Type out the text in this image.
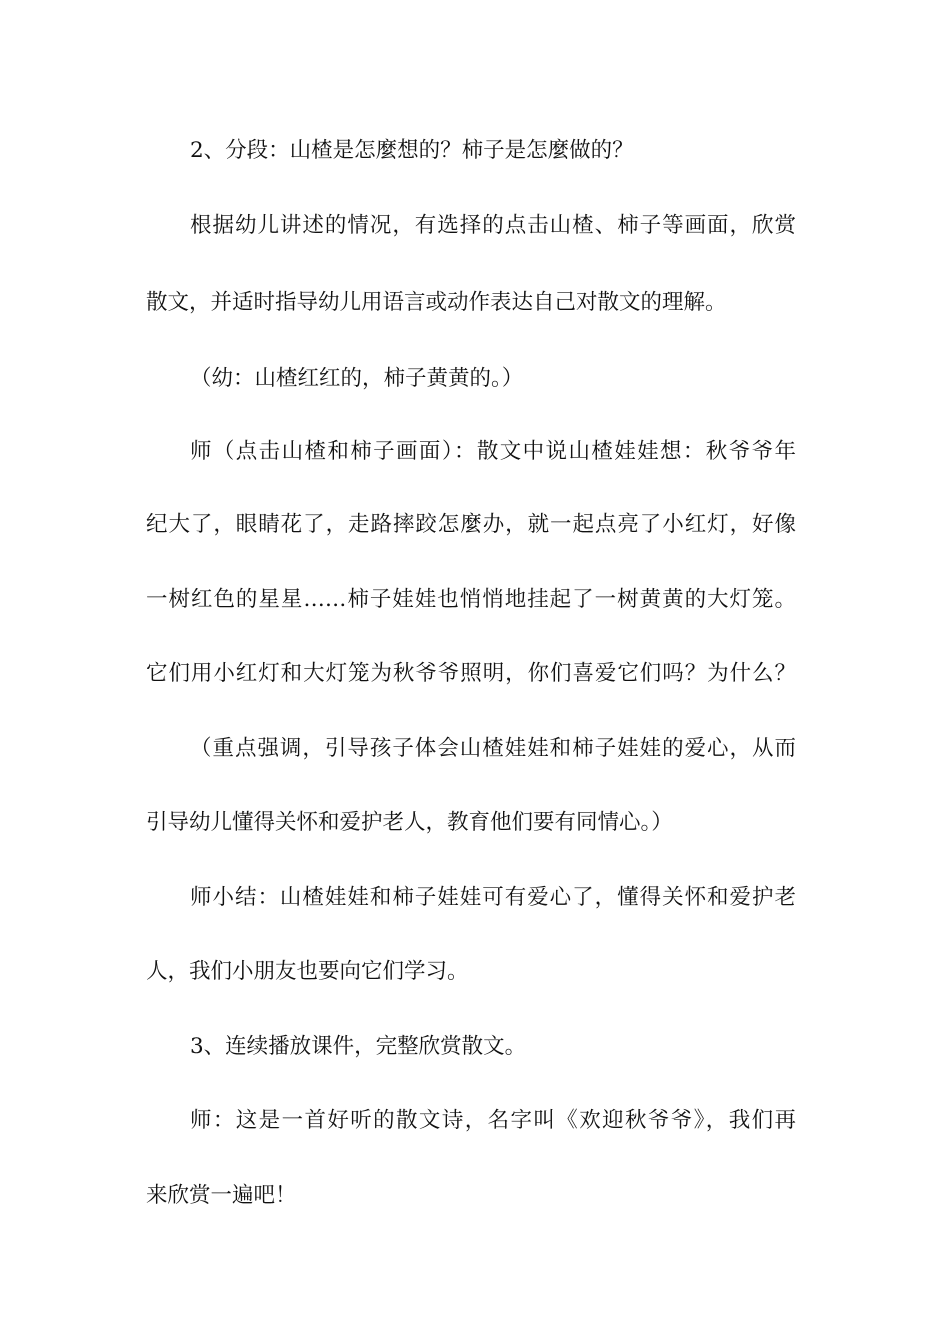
2、分段：山楂是怎麼想的？柿子是怎麼做的？
根据幼儿讲述的情况，有选择的点击山楂、柿子等画面，欣赏
散文，并适时指导幼儿用语言或动作表达自己对散文的理解。
（幼：山楂红红的，柿子黄黄的。）
师（点击山楂和柿子画面）：散文中说山楂娃娃想：秋爷爷年
纪大了，眼睛花了，走路摔跤怎麼办，就一起点亮了小红灯，好像
一树红色的星星……柿子娃娃也悄悄地挂起了一树黄黄的大灯笼。
它们用小红灯和大灯笼为秋爷爷照明，你们喜爱它们吗？为什么？
（重点强调，引导孩子体会山楂娃娃和柿子娃娃的爱心，从而
引导幼儿懂得关怀和爱护老人，教育他们要有同情心。）
师小结：山楂娃娃和柿子娃娃可有爱心了，懂得关怀和爱护老
人，我们小朋友也要向它们学习。
3、连续播放课件，完整欣赏散文。
师：这是一首好听的散文诗，名字叫《欢迎秋爷爷》，我们再
来欣赏一遍吧！
